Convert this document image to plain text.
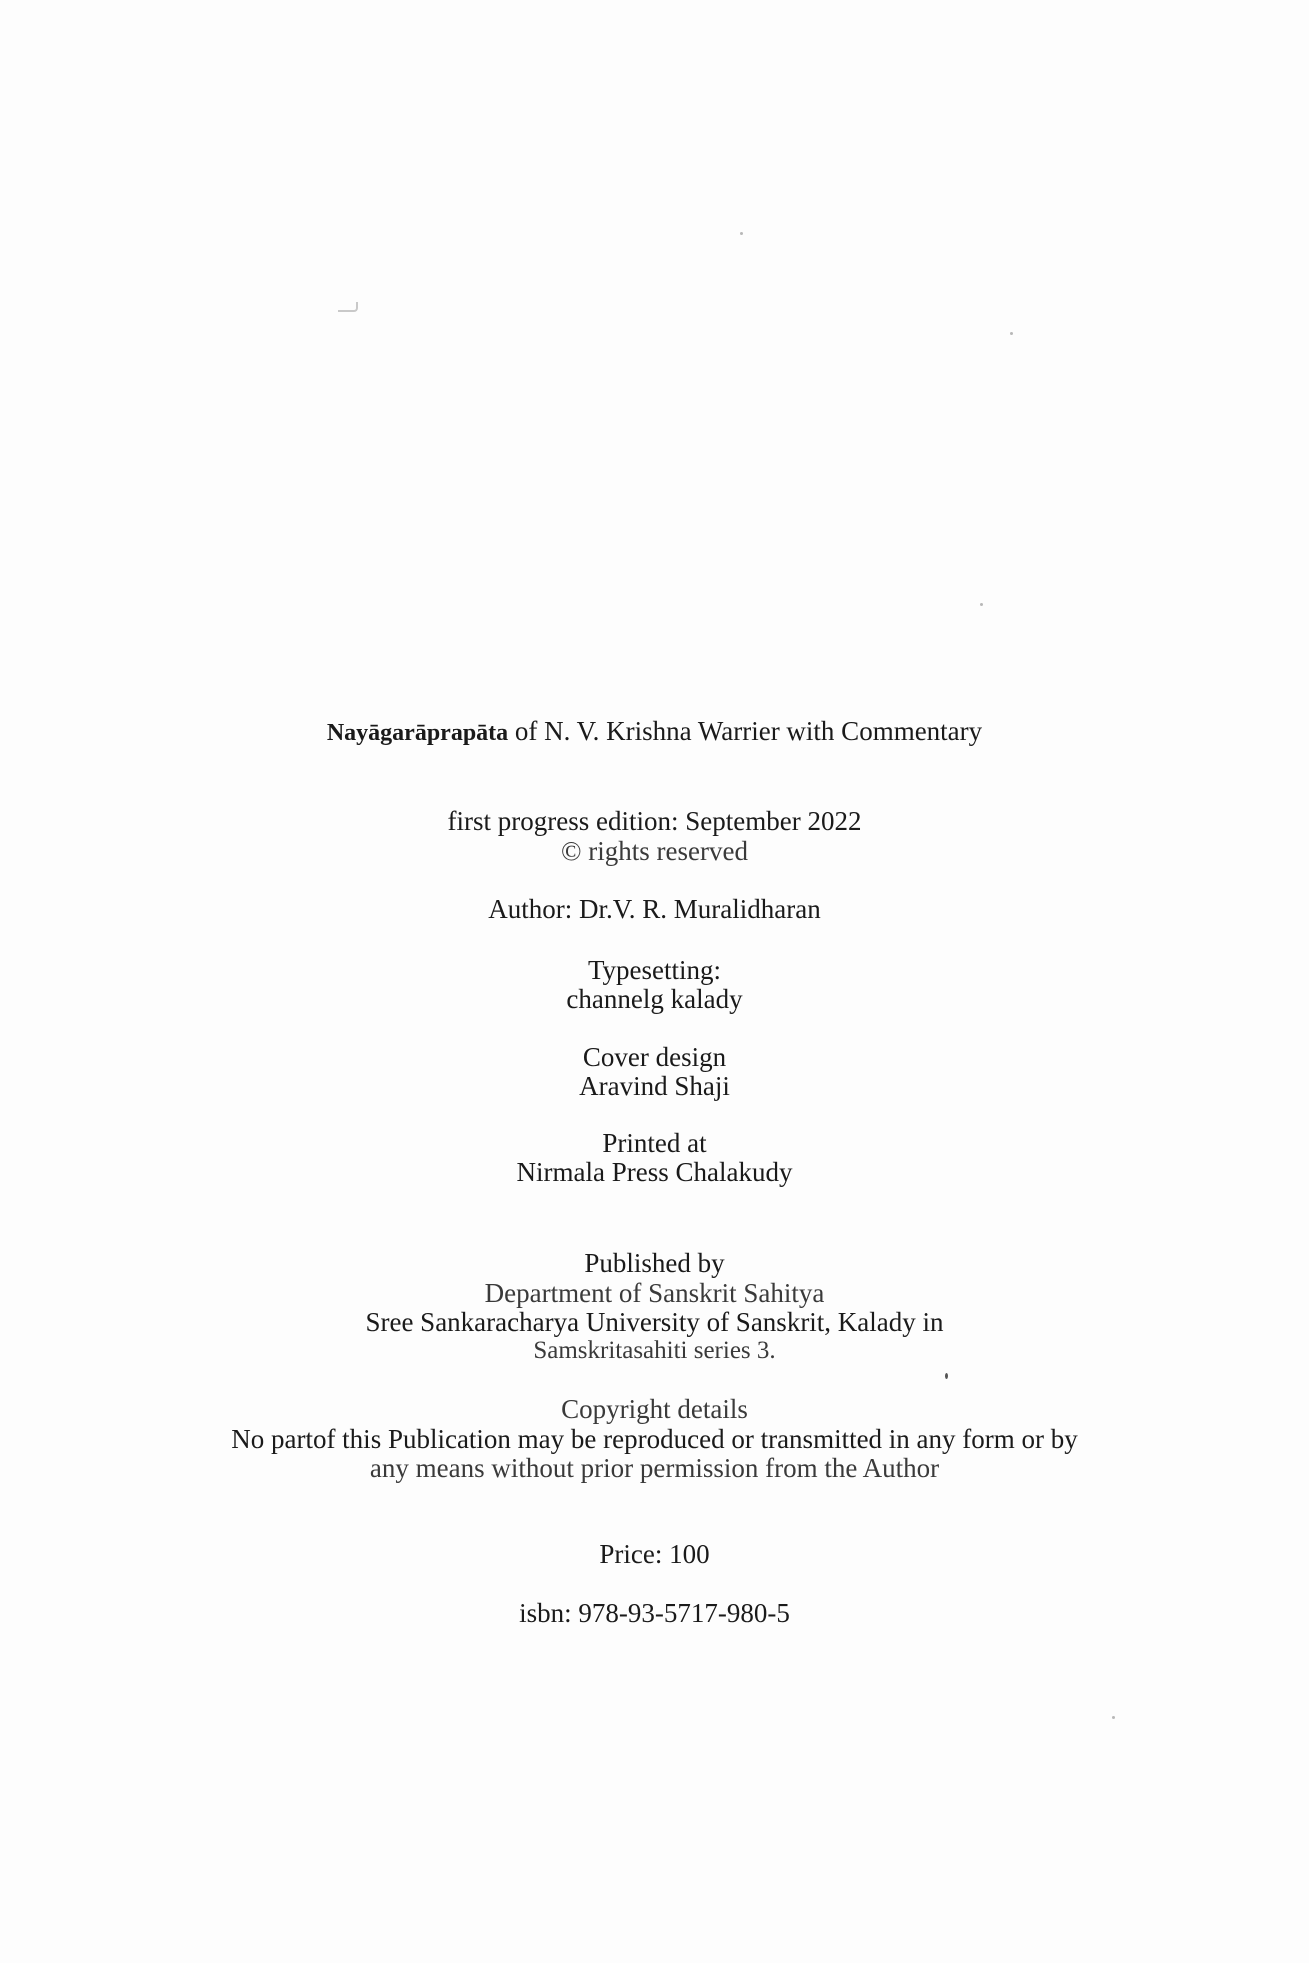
Nayāgarāprapāta of N. V. Krishna Warrier with Commentary
first progress edition: September 2022
© rights reserved
Author: Dr.V. R. Muralidharan
Typesetting:
channelg kalady
Cover design
Aravind Shaji
Printed at
Nirmala Press Chalakudy
Published by
Department of Sanskrit Sahitya
Sree Sankaracharya University of Sanskrit, Kalady in
Samskritasahiti series 3.
Copyright details
No partof this Publication may be reproduced or transmitted in any form or by
any means without prior permission from the Author
Price: 100
isbn: 978-93-5717-980-5
